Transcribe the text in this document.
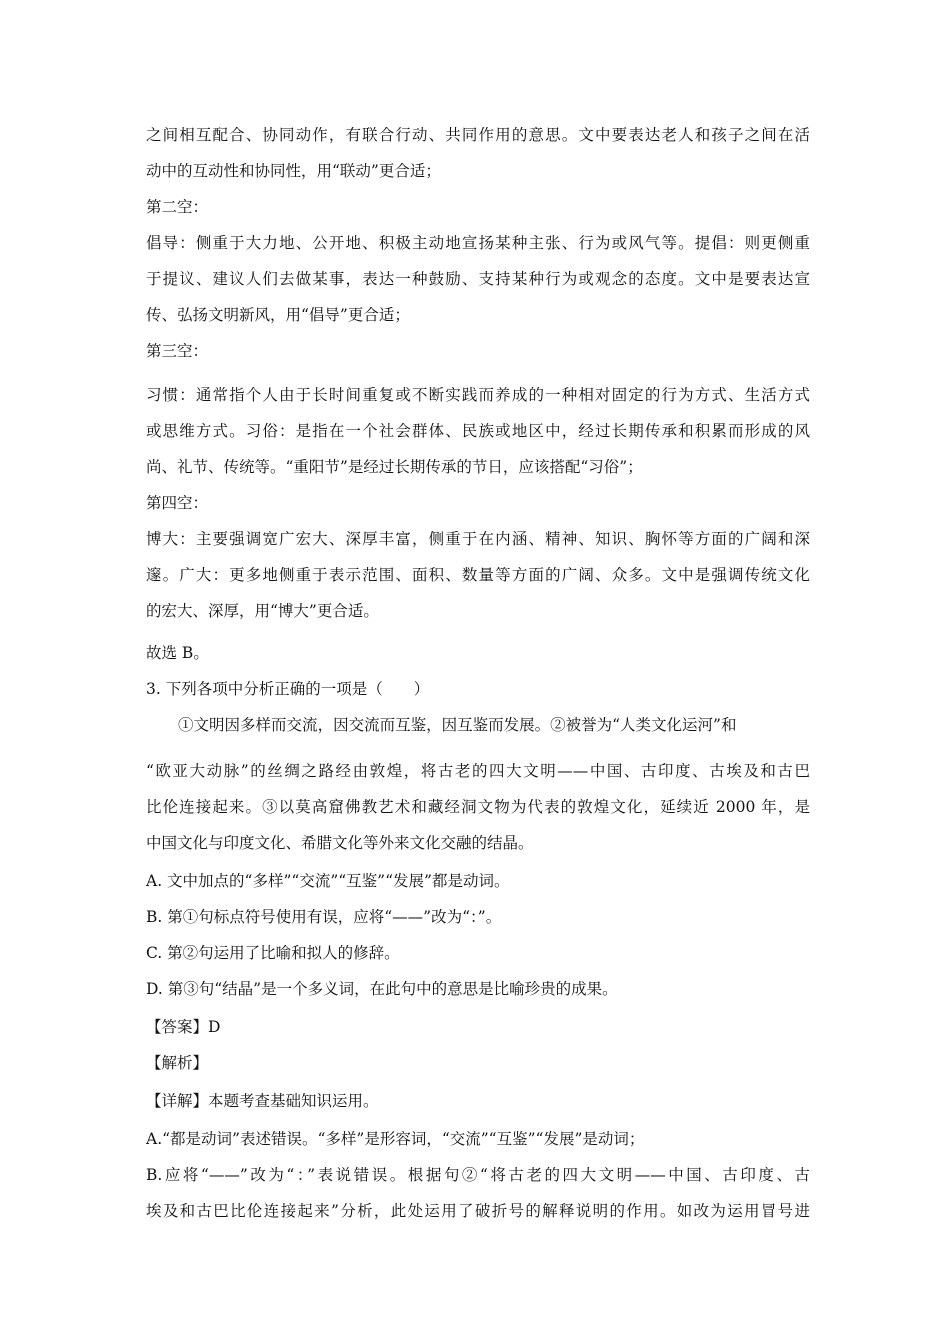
之间相互配合、协同动作，有联合行动、共同作用的意思。文中要表达老人和孩子之间在活
动中的互动性和协同性，用“联动”更合适；
第二空：
倡导：侧重于大力地、公开地、积极主动地宣扬某种主张、行为或风气等。提倡：则更侧重
于提议、建议人们去做某事，表达一种鼓励、支持某种行为或观念的态度。文中是要表达宣
传、弘扬文明新风，用“倡导”更合适；
第三空：
习惯：通常指个人由于长时间重复或不断实践而养成的一种相对固定的行为方式、生活方式
或思维方式。习俗：是指在一个社会群体、民族或地区中，经过长期传承和积累而形成的风
尚、礼节、传统等。“重阳节”是经过长期传承的节日，应该搭配“习俗”；
第四空：
博大：主要强调宽广宏大、深厚丰富，侧重于在内涵、精神、知识、胸怀等方面的广阔和深
邃。广大：更多地侧重于表示范围、面积、数量等方面的广阔、众多。文中是强调传统文化
的宏大、深厚，用“博大”更合适。
故选 B。
3. 下列各项中分析正确的一项是（　　）
①文明因多样而交流，因交流而互鉴，因互鉴而发展。②被誉为“人类文化运河”和
“欧亚大动脉”的丝绸之路经由敦煌，将古老的四大文明——中国、古印度、古埃及和古巴
比伦连接起来。③以莫高窟佛教艺术和藏经洞文物为代表的敦煌文化，延续近 2000 年，是
中国文化与印度文化、希腊文化等外来文化交融的结晶。
A. 文中加点的“多样”“交流”“互鉴”“发展”都是动词。
B. 第①句标点符号使用有误，应将“——”改为“：”。
C. 第②句运用了比喻和拟人的修辞。
D. 第③句“结晶”是一个多义词，在此句中的意思是比喻珍贵的成果。
【答案】D
【解析】
【详解】本题考查基础知识运用。
A.“都是动词”表述错误。“多样”是形容词，“交流”“互鉴”“发展”是动词；
B.应将“——”改为“：”表说错误。根据句②“将古老的四大文明——中国、古印度、古
埃及和古巴比伦连接起来”分析，此处运用了破折号的解释说明的作用。如改为运用冒号进
